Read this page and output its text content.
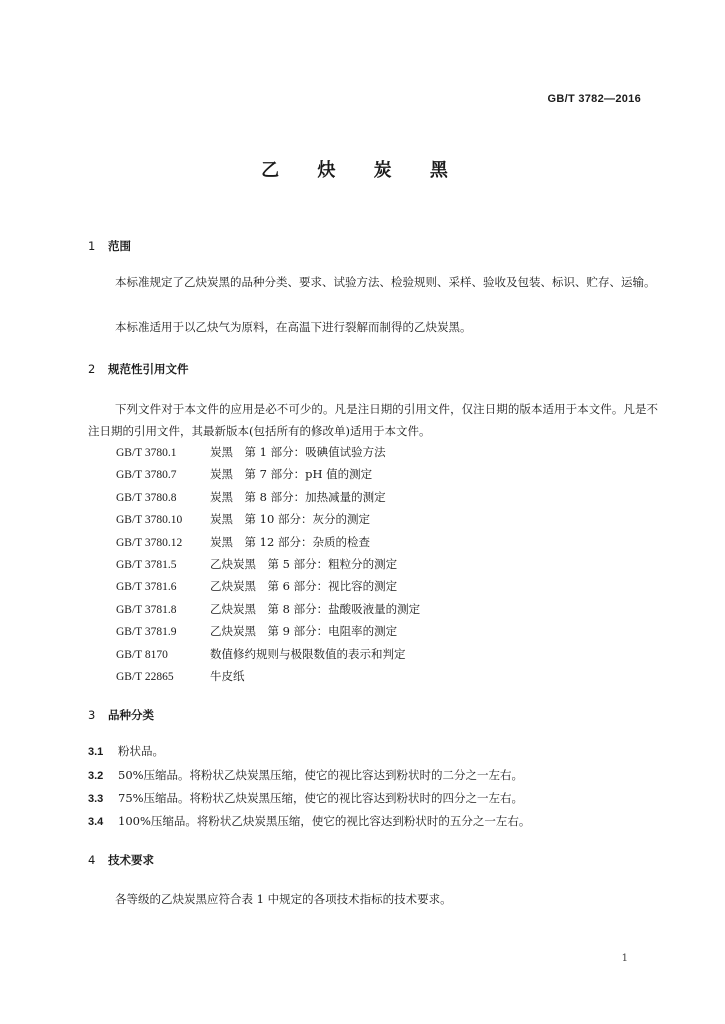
GB/T 3782—2016
乙 炔 炭 黑
1 范围
本标准规定了乙炔炭黑的品种分类、要求、试验方法、检验规则、采样、验收及包装、标识、贮存、运输。
本标准适用于以乙炔气为原料，在高温下进行裂解而制得的乙炔炭黑。
2 规范性引用文件
下列文件对于本文件的应用是必不可少的。凡是注日期的引用文件，仅注日期的版本适用于本文件。凡是不注日期的引用文件，其最新版本(包括所有的修改单)适用于本文件。
GB/T 3780.1	炭黑　第 1 部分：吸碘值试验方法
GB/T 3780.7	炭黑　第 7 部分：pH 值的测定
GB/T 3780.8	炭黑　第 8 部分：加热减量的测定
GB/T 3780.10 炭黑　第 10 部分：灰分的测定
GB/T 3780.12 炭黑　第 12 部分：杂质的检查
GB/T 3781.5	乙炔炭黑　第 5 部分：粗粒分的测定
GB/T 3781.6	乙炔炭黑　第 6 部分：视比容的测定
GB/T 3781.8	乙炔炭黑　第 8 部分：盐酸吸液量的测定
GB/T 3781.9	乙炔炭黑　第 9 部分：电阻率的测定
GB/T 8170	数值修约规则与极限数值的表示和判定
GB/T 22865	牛皮纸
3 品种分类
3.1 粉状品。
3.2 50%压缩品。将粉状乙炔炭黑压缩，使它的视比容达到粉状时的二分之一左右。
3.3 75%压缩品。将粉状乙炔炭黑压缩，使它的视比容达到粉状时的四分之一左右。
3.4 100%压缩品。将粉状乙炔炭黑压缩，使它的视比容达到粉状时的五分之一左右。
4 技术要求
各等级的乙炔炭黑应符合表 1 中规定的各项技术指标的技术要求。
1
